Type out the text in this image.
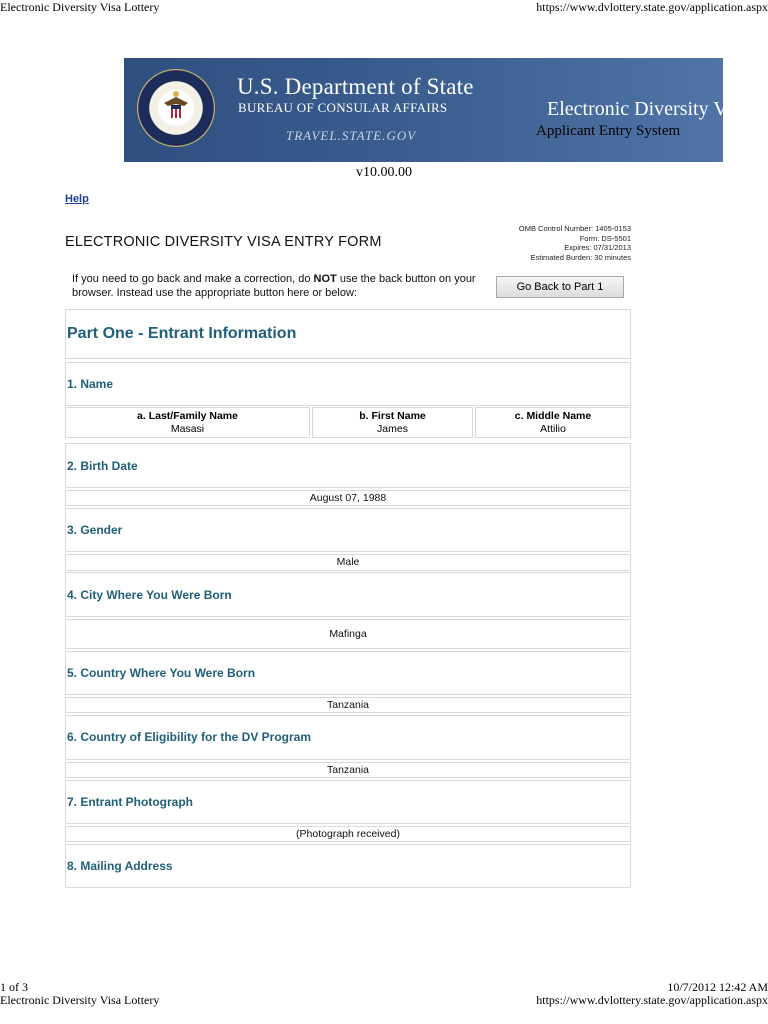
Electronic Diversity Visa Lottery	https://www.dvlottery.state.gov/application.aspx
U.S. Department of State
BUREAU OF CONSULAR AFFAIRS
TRAVEL.STATE.GOV
Electronic Diversity Visa
Applicant Entry System
v10.00.00
Help
ELECTRONIC DIVERSITY VISA ENTRY FORM
OMB Control Number: 1405-0153
Form: DS-5501
Expires: 07/31/2013
Estimated Burden: 30 minutes
If you need to go back and make a correction, do NOT use the back button on your browser. Instead use the appropriate button here or below:	Go Back to Part 1
Part One - Entrant Information
1. Name
a. Last/Family Name
Masasi
b. First Name
James
c. Middle Name
Attilio
2. Birth Date
August 07, 1988
3. Gender
Male
4. City Where You Were Born
Mafinga
5. Country Where You Were Born
Tanzania
6. Country of Eligibility for the DV Program
Tanzania
7. Entrant Photograph
(Photograph received)
8. Mailing Address
1 of 3	10/7/2012 12:42 AM
Electronic Diversity Visa Lottery	https://www.dvlottery.state.gov/application.aspx
